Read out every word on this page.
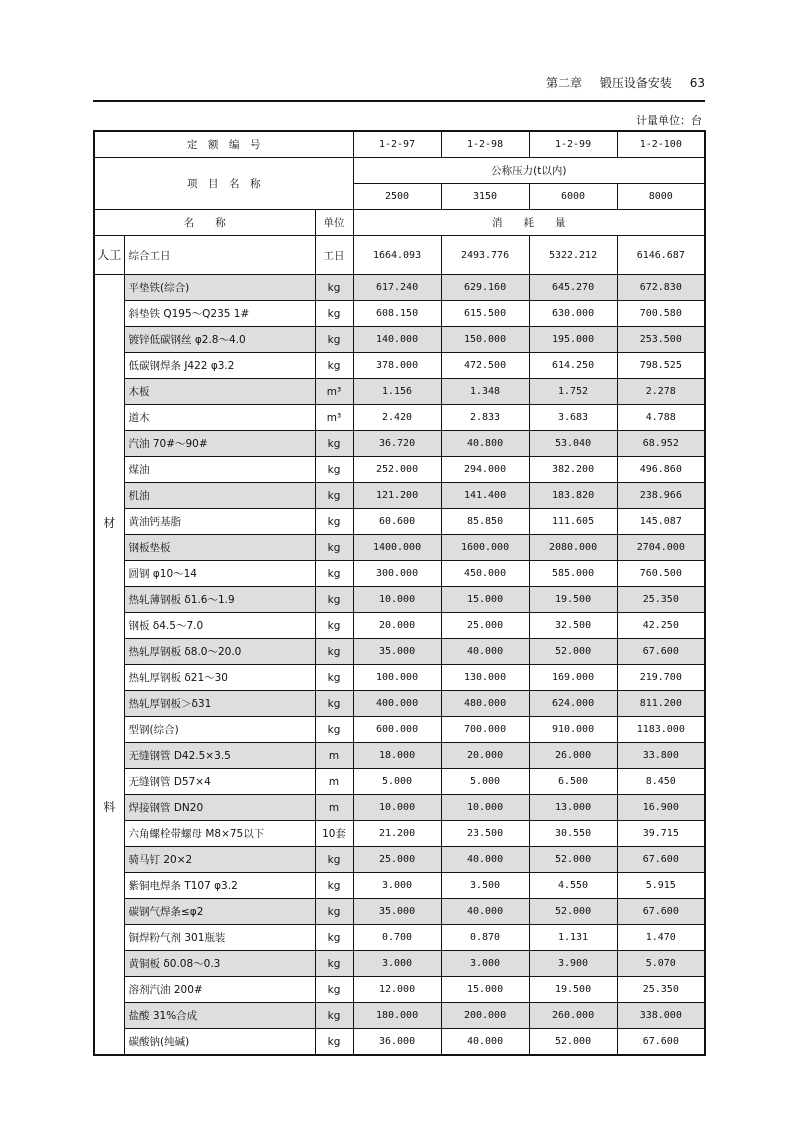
第二章 锻压设备安装 63
计量单位：台
定　额　编　号			1-2-97	1-2-98	1-2-99	1-2-100
项　目　名　称			公称压力(t以内)			
			2500	3150	6000	8000
名　　称		单位	消　　耗　　量			
人工	综合工日	工日	1664.093	2493.776	5322.212	6146.687

材
料	平垫铁(综合)	kg	617.240	629.160	645.270	672.830
	斜垫铁 Q195～Q235 1#	kg	608.150	615.500	630.000	700.580
	镀锌低碳钢丝 φ2.8～4.0	kg	140.000	150.000	195.000	253.500
	低碳钢焊条 J422 φ3.2	kg	378.000	472.500	614.250	798.525
	木板	m³	1.156	1.348	1.752	2.278
	道木	m³	2.420	2.833	3.683	4.788
	汽油 70#～90#	kg	36.720	40.800	53.040	68.952
	煤油	kg	252.000	294.000	382.200	496.860
	机油	kg	121.200	141.400	183.820	238.966
	黄油钙基脂	kg	60.600	85.850	111.605	145.087
	钢板垫板	kg	1400.000	1600.000	2080.000	2704.000
	圆钢 φ10～14	kg	300.000	450.000	585.000	760.500
	热轧薄钢板 δ1.6～1.9	kg	10.000	15.000	19.500	25.350
	钢板 δ4.5～7.0	kg	20.000	25.000	32.500	42.250
	热轧厚钢板 δ8.0～20.0	kg	35.000	40.000	52.000	67.600
	热轧厚钢板 δ21～30	kg	100.000	130.000	169.000	219.700
	热轧厚钢板＞δ31	kg	400.000	480.000	624.000	811.200
	型钢(综合)	kg	600.000	700.000	910.000	1183.000
	无缝钢管 D42.5×3.5	m	18.000	20.000	26.000	33.800
	无缝钢管 D57×4	m	5.000	5.000	6.500	8.450
	焊接钢管 DN20	m	10.000	10.000	13.000	16.900
	六角螺栓带螺母 M8×75以下	10套	21.200	23.500	30.550	39.715
	骑马钉 20×2	kg	25.000	40.000	52.000	67.600
	紫铜电焊条 T107 φ3.2	kg	3.000	3.500	4.550	5.915
	碳钢气焊条≤φ2	kg	35.000	40.000	52.000	67.600
	铜焊粉气剂 301瓶装	kg	0.700	0.870	1.131	1.470
	黄铜板 δ0.08～0.3	kg	3.000	3.000	3.900	5.070
	溶剂汽油 200#	kg	12.000	15.000	19.500	25.350
	盐酸 31%合成	kg	180.000	200.000	260.000	338.000
	碳酸钠(纯碱)	kg	36.000	40.000	52.000	67.600
